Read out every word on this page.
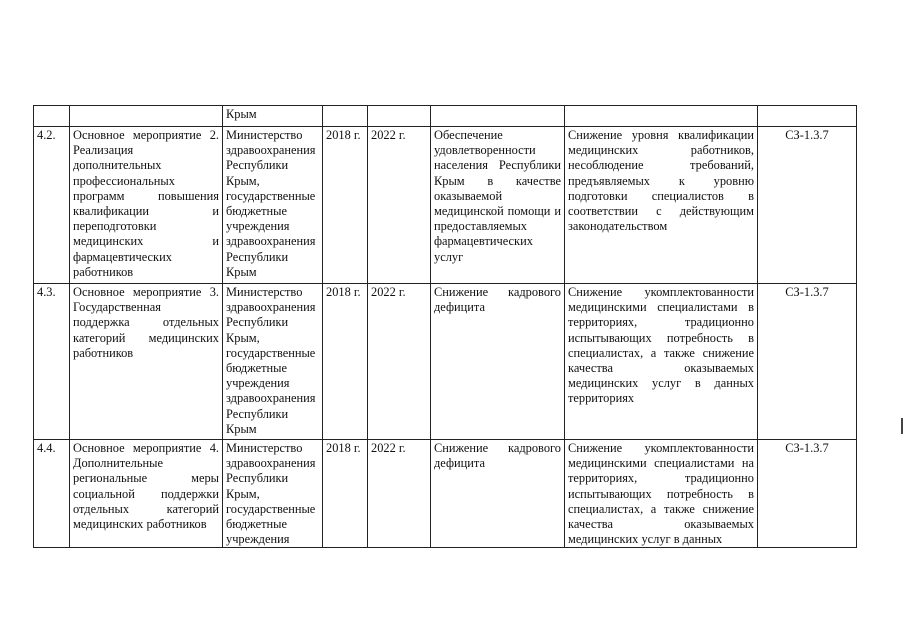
		Крым					
4.2.	Основное мероприятие 2. Реализация дополнительных профессиональных программ повышения квалификации и переподготовки медицинских и фармацевтических работников	Министерство здравоохранения Республики Крым, государственные бюджетные учреждения здравоохранения Республики Крым	2018 г.	2022 г.	Обеспечение удовлетворенности населения Республики Крым в качестве оказываемой медицинской помощи и предоставляемых фармацевтических услуг	Снижение уровня квалификации медицинских работников, несоблюдение требований, предъявляемых к уровню подготовки специалистов в соответствии с действующим законодательством	СЗ-1.3.7
4.3.	Основное мероприятие 3. Государственная поддержка отдельных категорий медицинских работников	Министерство здравоохранения Республики Крым, государственные бюджетные учреждения здравоохранения Республики Крым	2018 г.	2022 г.	Снижение кадрового дефицита	Снижение укомплектованности медицинскими специалистами в территориях, традиционно испытывающих потребность в специалистах, а также снижение качества оказываемых медицинских услуг в данных территориях	СЗ-1.3.7
4.4.	Основное мероприятие 4. Дополнительные региональные меры социальной поддержки отдельных категорий медицинских работников	Министерство здравоохранения Республики Крым, государственные бюджетные учреждения	2018 г.	2022 г.	Снижение кадрового дефицита	Снижение укомплектованности медицинскими специалистами на территориях, традиционно испытывающих потребность в специалистах, а также снижение качества оказываемых медицинских услуг в данных	СЗ-1.3.7
